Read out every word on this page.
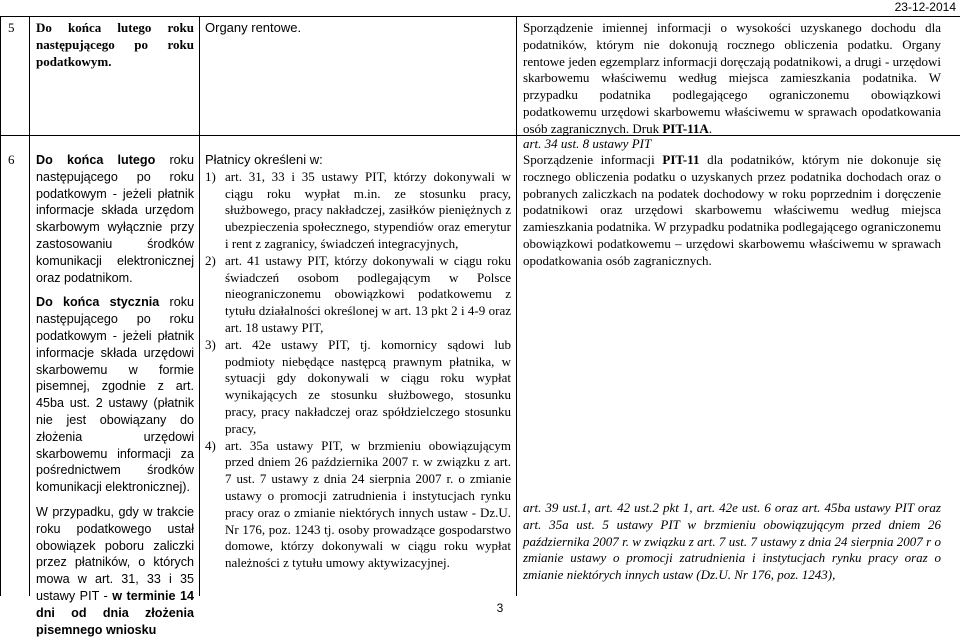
23-12-2014
5 Do końca lutego roku następującego po roku podatkowym.
Organy rentowe.	Sporządzenie imiennej informacji o wysokości uzyskanego dochodu dla podatników, którym nie dokonują rocznego obliczenia podatku. Organy rentowe jeden egzemplarz informacji doręczają podatnikowi, a drugi - urzędowi skarbowemu właściwemu według miejsca zamieszkania podatnika. W przypadku podatnika podlegającego ograniczonemu obowiązkowi podatkowemu urzędowi skarbowemu właściwemu w sprawach opodatkowania osób zagranicznych. Druk PIT-11A.
art. 34 ust. 8 ustawy PIT
6 Do końca lutego roku następującego po roku podatkowym - jeżeli płatnik informacje składa urzędom skarbowym wyłącznie przy zastosowaniu środków komunikacji elektronicznej oraz podatnikom.
Do końca stycznia roku następującego po roku podatkowym - jeżeli płatnik informacje składa urzędowi skarbowemu w formie pisemnej, zgodnie z art. 45ba ust. 2 ustawy (płatnik nie jest obowiązany do złożenia urzędowi skarbowemu informacji za pośrednictwem środków komunikacji elektronicznej).
W przypadku, gdy w trakcie roku podatkowego ustał obowiązek poboru zaliczki przez płatników, o których mowa w art. 31, 33 i 35 ustawy PIT - w terminie 14 dni od dnia złożenia pisemnego wniosku
Płatnicy określeni w:
1) art. 31, 33 i 35 ustawy PIT, którzy dokonywali w ciągu roku wypłat m.in. ze stosunku pracy, służbowego, pracy nakładczej, zasiłków pieniężnych z ubezpieczenia społecznego, stypendiów oraz emerytur i rent z zagranicy, świadczeń integracyjnych,
2) art. 41 ustawy PIT, którzy dokonywali w ciągu roku świadczeń osobom podlegającym w Polsce nieograniczonemu obowiązkowi podatkowemu z tytułu działalności określonej w art. 13 pkt 2 i 4-9 oraz art. 18 ustawy PIT,
3) art. 42e ustawy PIT, tj. komornicy sądowi lub podmioty niebędące następcą prawnym płatnika, w sytuacji gdy dokonywali w ciągu roku wypłat wynikających ze stosunku służbowego, stosunku pracy, pracy nakładczej oraz spółdzielczego stosunku pracy,
4) art. 35a ustawy PIT, w brzmieniu obowiązującym przed dniem 26 października 2007 r. w związku z art. 7 ust. 7 ustawy z dnia 24 sierpnia 2007 r. o zmianie ustawy o promocji zatrudnienia i instytucjach rynku pracy oraz o zmianie niektórych innych ustaw - Dz.U. Nr 176, poz. 1243 tj. osoby prowadzące gospodarstwo domowe, którzy dokonywali w ciągu roku wypłat należności z tytułu umowy aktywizacyjnej.
Sporządzenie informacji PIT-11 dla podatników, którym nie dokonuje się rocznego obliczenia podatku o uzyskanych przez podatnika dochodach oraz o pobranych zaliczkach na podatek dochodowy w roku poprzednim i doręczenie podatnikowi oraz urzędowi skarbowemu właściwemu według miejsca zamieszkania podatnika. W przypadku podatnika podlegającego ograniczonemu obowiązkowi podatkowemu – urzędowi skarbowemu właściwemu w sprawach opodatkowania osób zagranicznych.
art. 39 ust.1, art. 42 ust.2 pkt 1, art. 42e ust. 6 oraz art. 45ba ustawy PIT oraz art. 35a ust. 5 ustawy PIT w brzmieniu obowiązującym przed dniem 26 października 2007 r. w związku z art. 7 ust. 7 ustawy z dnia 24 sierpnia 2007 r o zmianie ustawy o promocji zatrudnienia i instytucjach rynku pracy oraz o zmianie niektórych innych ustaw (Dz.U. Nr 176, poz. 1243),
3
